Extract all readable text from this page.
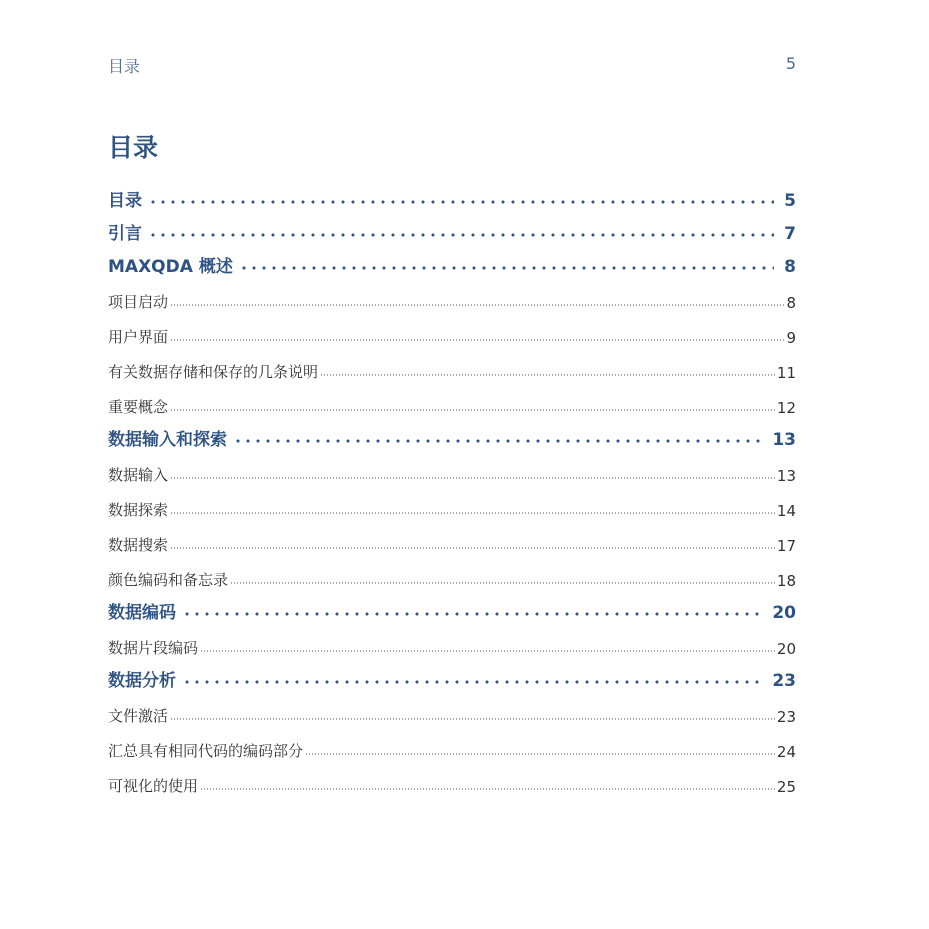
目录	5
目录
目录	5
引言	7
MAXQDA 概述	8
项目启动	8
用户界面	9
有关数据存储和保存的几条说明	11
重要概念	12
数据输入和探索	13
数据输入	13
数据探索	14
数据搜索	17
颜色编码和备忘录	18
数据编码	20
数据片段编码	20
数据分析	23
文件激活	23
汇总具有相同代码的编码部分	24
可视化的使用	25
